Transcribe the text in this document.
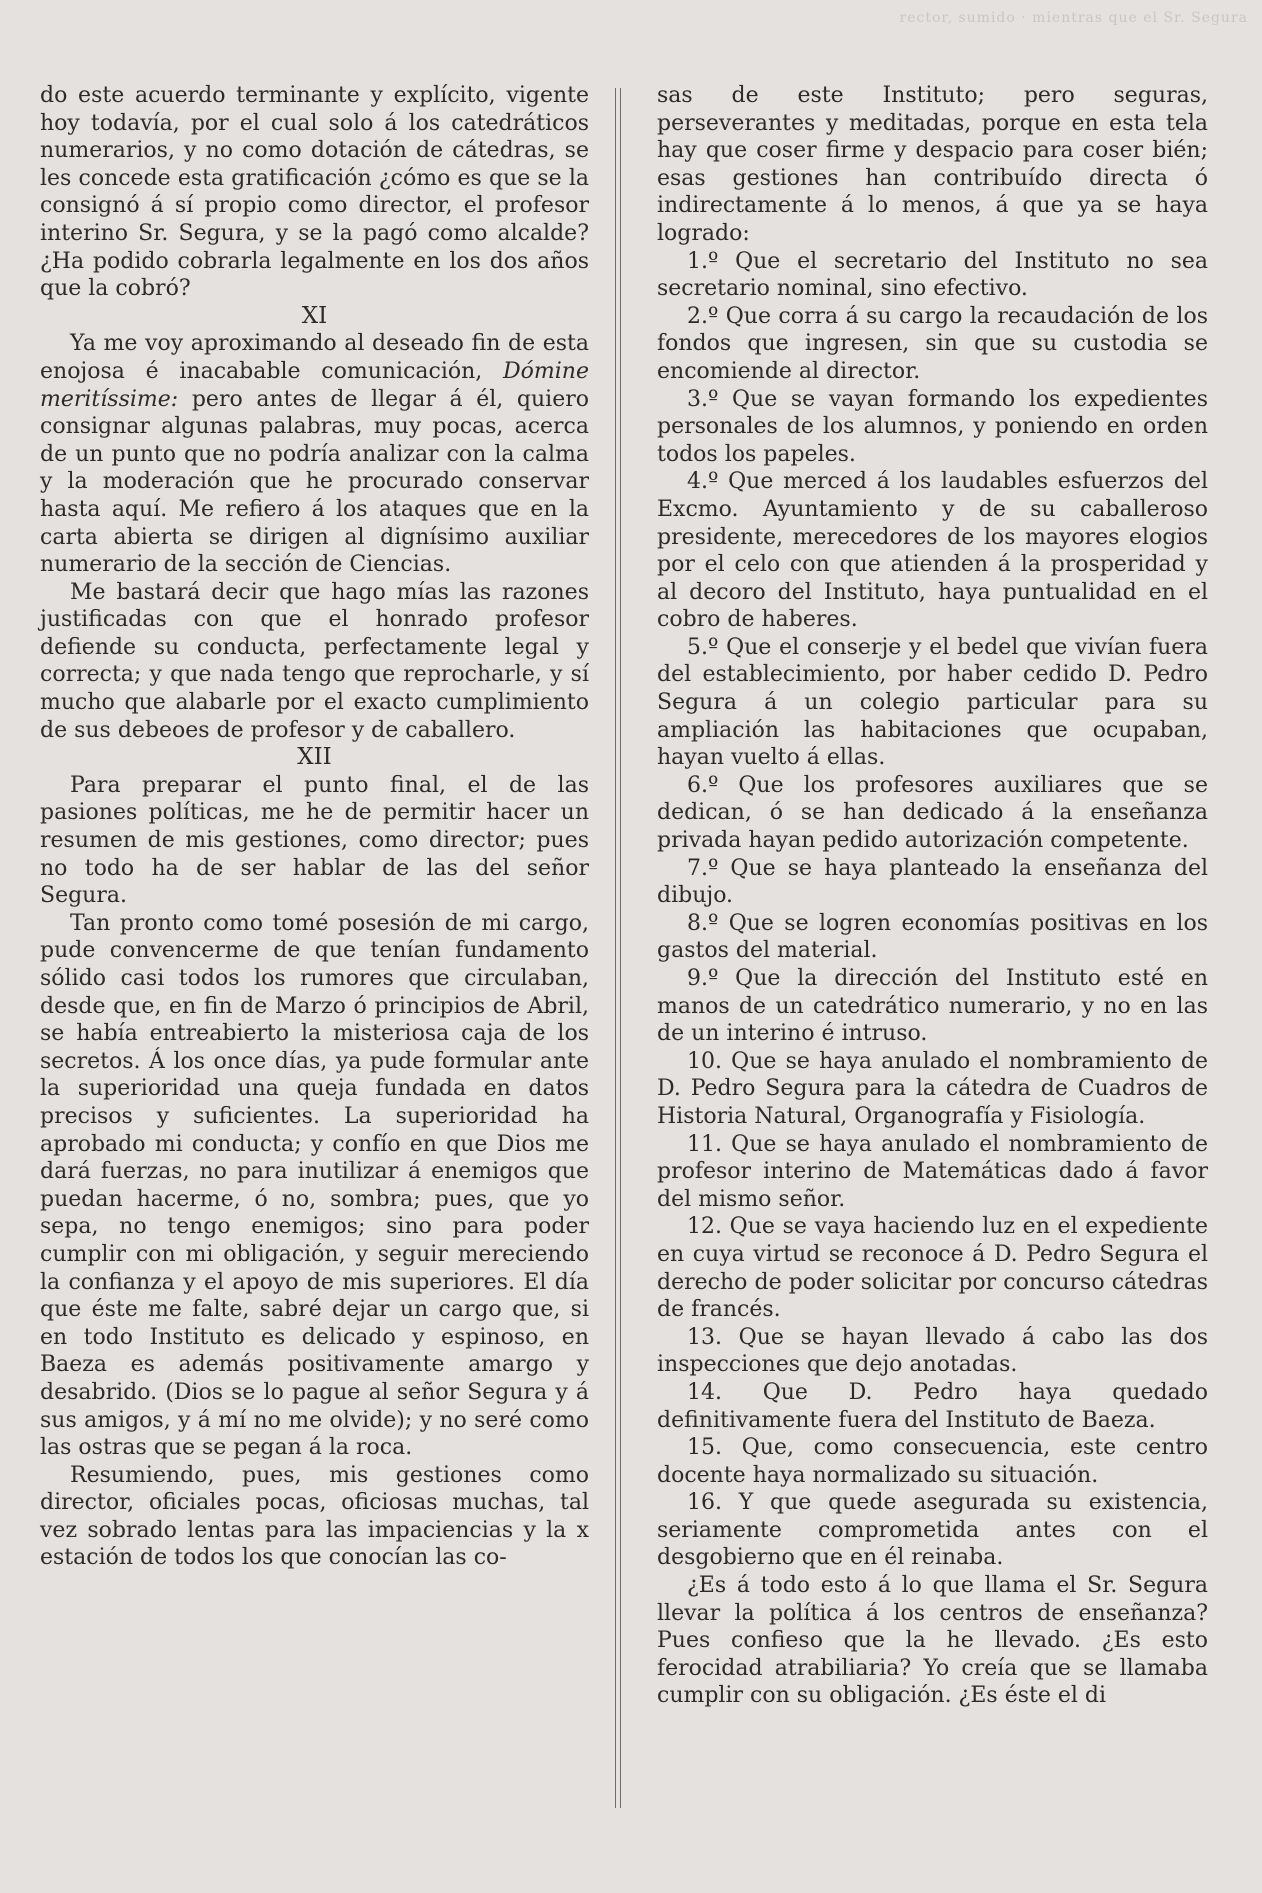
rector, sumido · mientras que el Sr. Segura

do este acuerdo terminante y explícito, vigente hoy todavía, por el cual solo á los catedráticos numerarios, y no como dotación de cátedras, se les concede esta gratificación ¿cómo es que se la consignó á sí propio como director, el profesor interino Sr. Segura, y se la pagó como alcalde? ¿Ha podido cobrarla legalmente en los dos años que la cobró?

XI

Ya me voy aproximando al deseado fin de esta enojosa é inacabable comunicación, Dómine meritíssime: pero antes de llegar á él, quiero consignar algunas palabras, muy pocas, acerca de un punto que no podría analizar con la calma y la moderación que he procurado conservar hasta aquí. Me refiero á los ataques que en la carta abierta se dirigen al dignísimo auxiliar numerario de la sección de Ciencias.

Me bastará decir que hago mías las razones justificadas con que el honrado profesor defiende su conducta, perfectamente legal y correcta; y que nada tengo que reprocharle, y sí mucho que alabarle por el exacto cumplimiento de sus debeoes de profesor y de caballero.

XII

Para preparar el punto final, el de las pasiones políticas, me he de permitir hacer un resumen de mis gestiones, como director; pues no todo ha de ser hablar de las del señor Segura.

Tan pronto como tomé posesión de mi cargo, pude convencerme de que tenían fundamento sólido casi todos los rumores que circulaban, desde que, en fin de Marzo ó principios de Abril, se había entreabierto la misteriosa caja de los secretos. Á los once días, ya pude formular ante la superioridad una queja fundada en datos precisos y suficientes. La superioridad ha aprobado mi conducta; y confío en que Dios me dará fuerzas, no para inutilizar á enemigos que puedan hacerme, ó no, sombra; pues, que yo sepa, no tengo enemigos; sino para poder cumplir con mi obligación, y seguir mereciendo la confianza y el apoyo de mis superiores. El día que éste me falte, sabré dejar un cargo que, si en todo Instituto es delicado y espinoso, en Baeza es además positivamente amargo y desabrido. (Dios se lo pague al señor Segura y á sus amigos, y á mí no me olvide); y no seré como las ostras que se pegan á la roca.

Resumiendo, pues, mis gestiones como director, oficiales pocas, oficiosas muchas, tal vez sobrado lentas para las impaciencias y la x estación de todos los que conocían las co-

sas de este Instituto; pero seguras, perseverantes y meditadas, porque en esta tela hay que coser firme y despacio para coser bién; esas gestiones han contribuído directa ó indirectamente á lo menos, á que ya se haya logrado:

1.º Que el secretario del Instituto no sea secretario nominal, sino efectivo.

2.º Que corra á su cargo la recaudación de los fondos que ingresen, sin que su custodia se encomiende al director.

3.º Que se vayan formando los expedientes personales de los alumnos, y poniendo en orden todos los papeles.

4.º Que merced á los laudables esfuerzos del Excmo. Ayuntamiento y de su caballeroso presidente, merecedores de los mayores elogios por el celo con que atienden á la prosperidad y al decoro del Instituto, haya puntualidad en el cobro de haberes.

5.º Que el conserje y el bedel que vivían fuera del establecimiento, por haber cedido D. Pedro Segura á un colegio particular para su ampliación las habitaciones que ocupaban, hayan vuelto á ellas.

6.º Que los profesores auxiliares que se dedican, ó se han dedicado á la enseñanza privada hayan pedido autorización competente.

7.º Que se haya planteado la enseñanza del dibujo.

8.º Que se logren economías positivas en los gastos del material.

9.º Que la dirección del Instituto esté en manos de un catedrático numerario, y no en las de un interino é intruso.

10. Que se haya anulado el nombramiento de D. Pedro Segura para la cátedra de Cuadros de Historia Natural, Organografía y Fisiología.

11. Que se haya anulado el nombramiento de profesor interino de Matemáticas dado á favor del mismo señor.

12. Que se vaya haciendo luz en el expediente en cuya virtud se reconoce á D. Pedro Segura el derecho de poder solicitar por concurso cátedras de francés.

13. Que se hayan llevado á cabo las dos inspecciones que dejo anotadas.

14. Que D. Pedro haya quedado definitivamente fuera del Instituto de Baeza.

15. Que, como consecuencia, este centro docente haya normalizado su situación.

16. Y que quede asegurada su existencia, seriamente comprometida antes con el desgobierno que en él reinaba.

¿Es á todo esto á lo que llama el Sr. Segura llevar la política á los centros de enseñanza? Pues confieso que la he llevado. ¿Es esto ferocidad atrabiliaria? Yo creía que se llamaba cumplir con su obligación. ¿Es éste el di
